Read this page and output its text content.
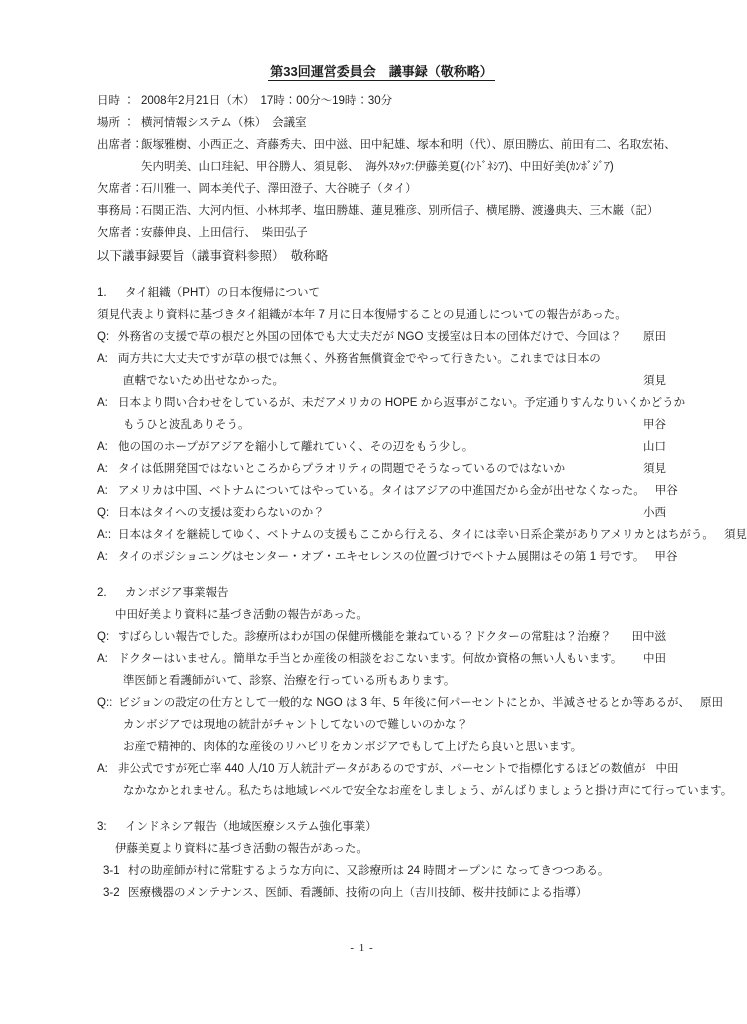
第33回運営委員会　議事録（敬称略）
日時 ： 2008年2月21日（木）　17時：00分～19時：30分
場所 ： 横河情報システム（株）　会議室
出席者：
飯塚雅樹、小西正之、斉藤秀夫、田中滋、田中紀雄、塚本和明（代）、原田勝広、前田有二、名取宏祐、
矢内明美、山口珪紀、甲谷勝人、須見彰、　海外ｽﾀｯﾌ:伊藤美夏(ｲﾝﾄﾞﾈｼｱ)、中田好美(ｶﾝﾎﾞｼﾞｱ)
欠席者：
石川雅一、岡本美代子、澤田澄子、大谷暁子（タイ）
事務局：
石関正浩、大河内恒、小林邦孝、塩田勝雄、蓮見雅彦、別所信子、横尾勝、渡邊典夫、三木巌（記）
欠席者：
安藤伸良、上田信行、　柴田弘子
以下議事録要旨（議事資料参照）　敬称略
1.	タイ組織（PHT）の日本復帰について
須見代表より資料に基づきタイ組織が本年 7 月に日本復帰することの見通しについての報告があった。
Q: 外務省の支援で草の根だと外国の団体でも大丈夫だが NGO 支援室は日本の団体だけで、今回は？	原田
A: 両方共に大丈夫ですが草の根では無く、外務省無償資金でやって行きたい。これまでは日本の
直轄でないため出せなかった。	須見
A: 日本より問い合わせをしているが、未だアメリカの HOPE から返事がこない。予定通りすんなりいくかどうか
もうひと波乱ありそう。	甲谷
A: 他の国のホープがアジアを縮小して離れていく、その辺をもう少し。	山口
A: タイは低開発国ではないところからプラオリティの問題でそうなっているのではないか	須見
A: アメリカは中国、ベトナムについてはやっている。タイはアジアの中進国だから金が出せなくなった。 甲谷
Q: 日本はタイへの支援は変わらないのか？	小西
A:: 日本はタイを継続してゆく、ベトナムの支援もここから行える、タイには幸い日系企業がありアメリカとはちがう。 須見
A: タイのポジショニングはセンター・オブ・エキセレンスの位置づけでベトナム展開はその第 1 号です。 甲谷
2.	カンボジア事業報告
中田好美より資料に基づき活動の報告があった。
Q: すばらしい報告でした。診療所はわが国の保健所機能を兼ねている？ドクターの常駐は？治療？	田中滋
A: ドクターはいません。簡単な手当とか産後の相談をおこないます。何故か資格の無い人もいます。	中田
準医師と看護師がいて、診察、治療を行っている所もあります。
Q:: ビジョンの設定の仕方として一般的な NGO は 3 年、5 年後に何パーセントにとか、半減させるとか等あるが、 原田
カンボジアでは現地の統計がチャントしてないので難しいのかな？
お産で精神的、肉体的な産後のリハビリをカンボジアでもして上げたら良いと思います。
A: 非公式ですが死亡率 440 人/10 万人統計データがあるのですが、パーセントで指標化するほどの数値が 中田
なかなかとれません。私たちは地域レベルで安全なお産をしましょう、がんばりましょうと掛け声にて行っています。
3:	インドネシア報告（地域医療システム強化事業）
伊藤美夏より資料に基づき活動の報告があった。
3-1 村の助産師が村に常駐するような方向に、又診療所は 24 時間オープンに なってきつつある。
3-2 医療機器のメンテナンス、医師、看護師、技術の向上（吉川技師、桜井技師による指導）
- 1 -
